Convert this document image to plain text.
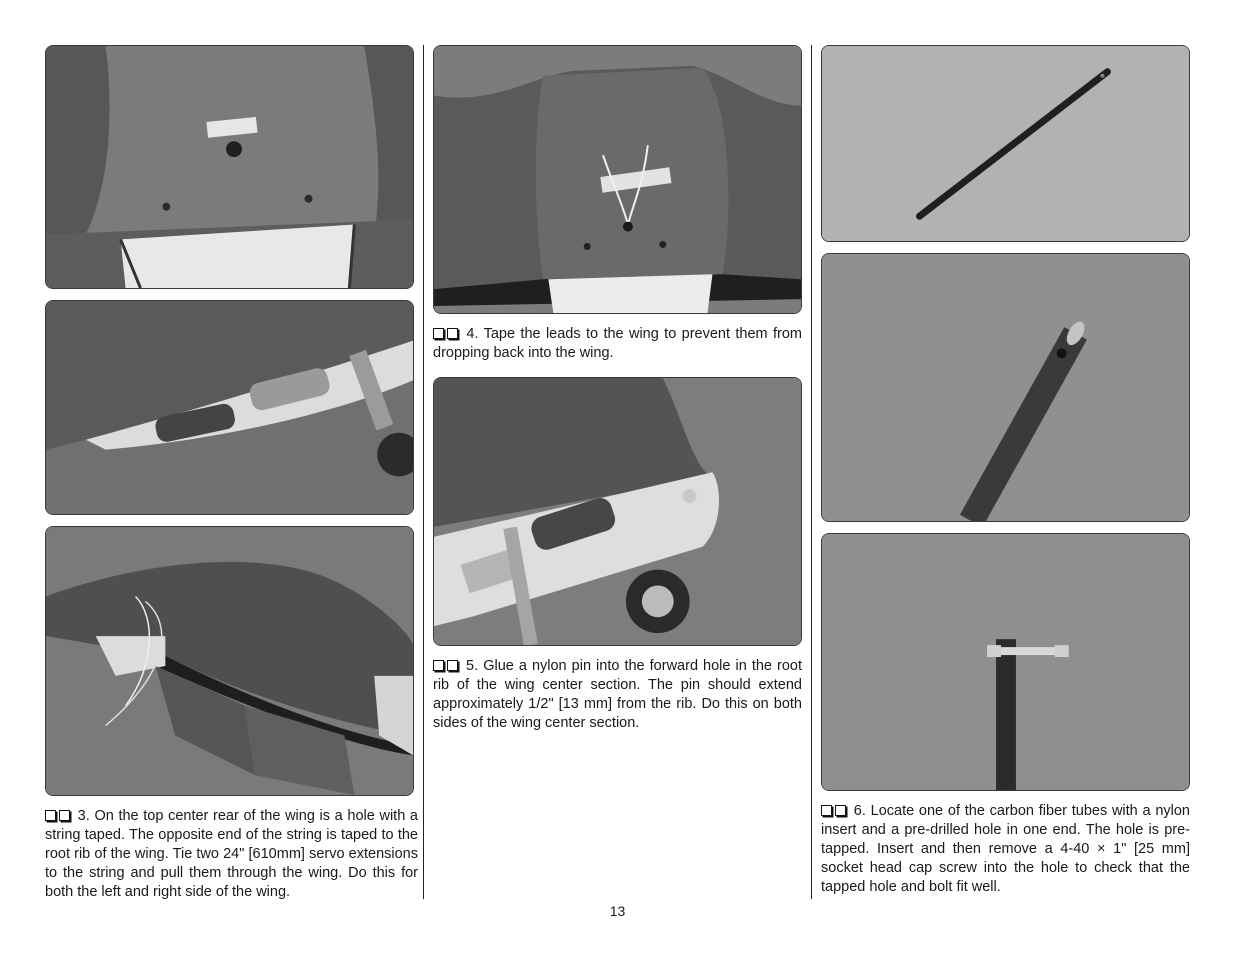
3. On the top center rear of the wing is a hole with a string taped. The opposite end of the string is taped to the root rib of the wing. Tie two 24" [610mm] servo extensions to the string and pull them through the wing. Do this for both the left and right side of the wing.
4. Tape the leads to the wing to prevent them from dropping back into the wing.
5. Glue a nylon pin into the forward hole in the root rib of the wing center section. The pin should extend approximately 1/2" [13 mm] from the rib. Do this on both sides of the wing center section.
6. Locate one of the carbon fiber tubes with a nylon insert and a pre-drilled hole in one end. The hole is pre-tapped. Insert and then remove a 4-40 × 1" [25 mm] socket head cap screw into the hole to check that the tapped hole and bolt fit well.
13
